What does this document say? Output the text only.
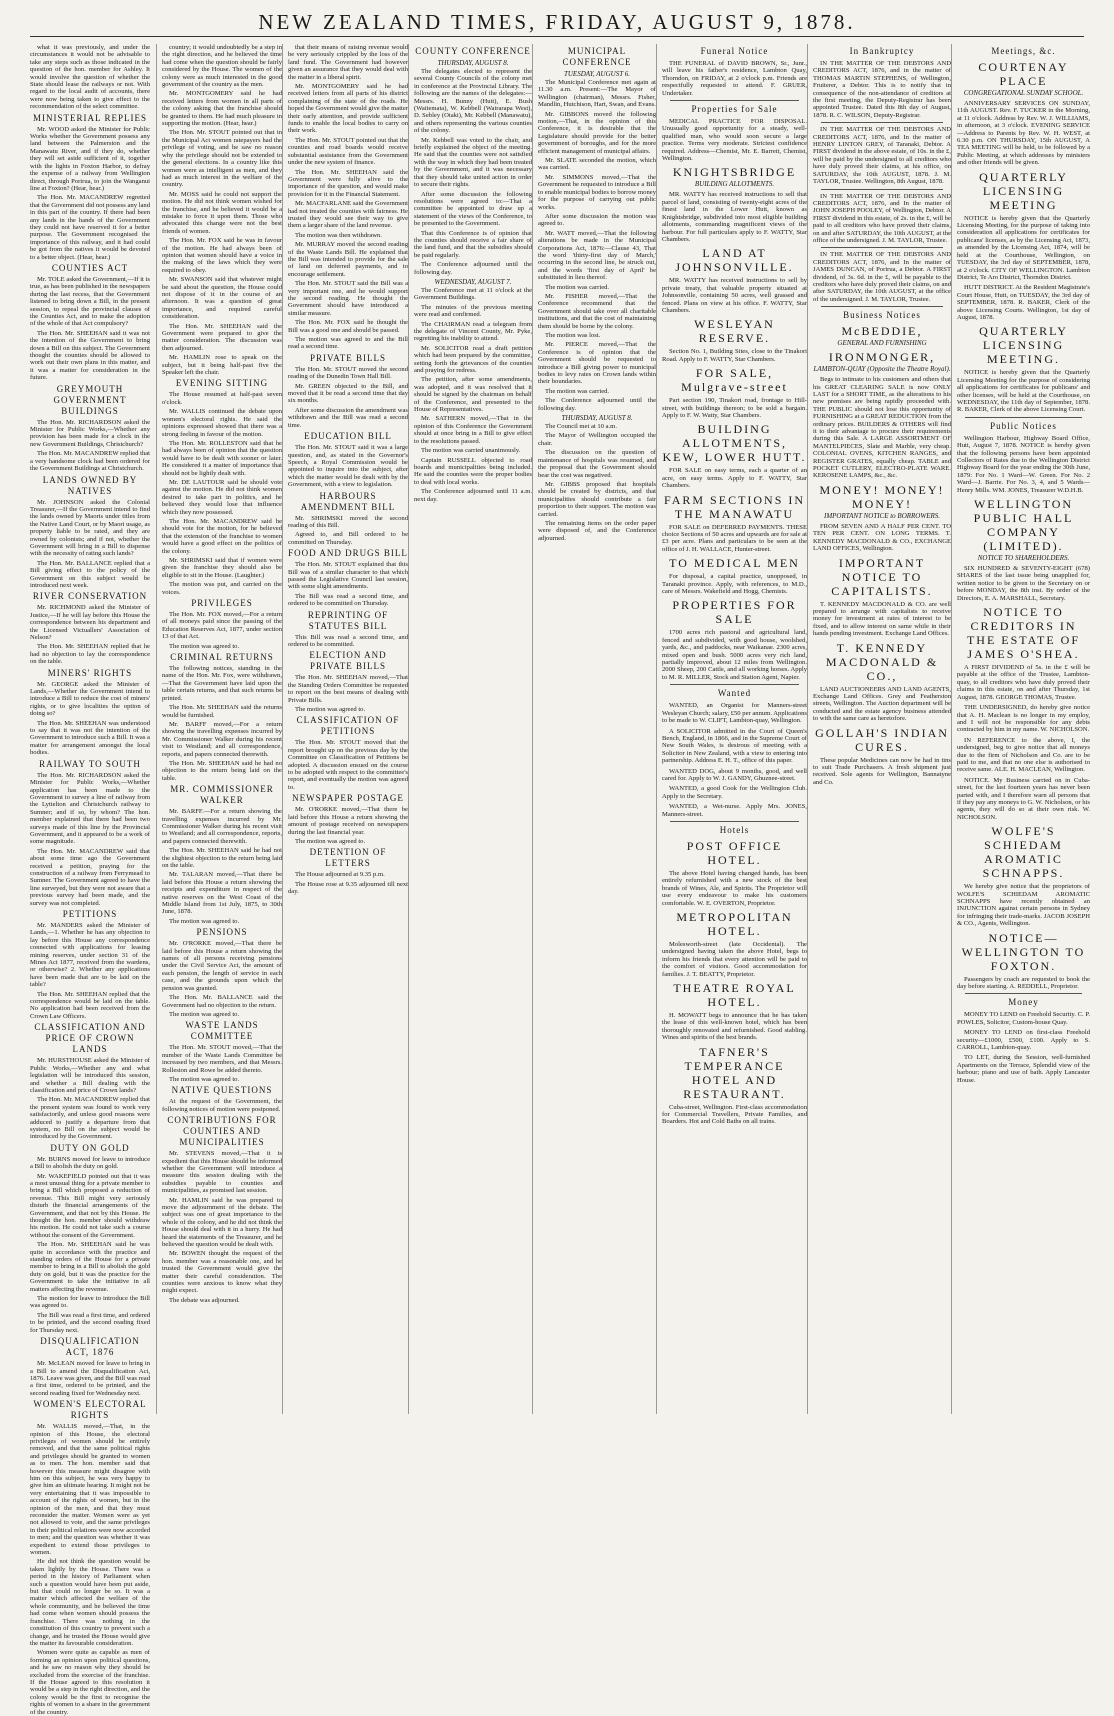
NEW ZEALAND TIMES, FRIDAY, AUGUST 9, 1878.

what it was previously, and under the circumstances it would not be advisable to take any steps such as those indicated in the question of the hon. member for Ashley. It would involve the question of whether the State should lease the railways or not. With regard to the local audit of accounts, there were now being taken to give effect to the recommendation of the select committee.

MINISTERIAL REPLIES

Mr. WOOD asked the Minister for Public Works whether the Government possess any land between the Palmerston and the Manawatu River, and if they do, whether they will set aside sufficient of it, together with the lights in Foxton Harbor, to defray the expense of a railway from Wellington direct, through Porirua, to join the Wanganui line at Foxton? (Hear, hear.)

The Hon. Mr. MACANDREW regretted that the Government did not possess any land in this part of the country. If there had been any lands in the hands of the Government they could not have reserved it for a better purpose. The Government recognised the importance of this railway, and it had could be got from the natives it would be devoted to a better object. (Hear, hear.)

COUNTIES ACT

Mr. TOLE asked the Government,—If it is true, as has been published in the newspapers during the last recess, that the Government listened to bring down a Bill, in the present session, to repeal the provincial clauses of the Counties Act, and to make the adoption of the whole of that Act compulsory?

The Hon. Mr. SHEEHAN said it was not the intention of the Government to bring down a Bill on this subject. The Government thought the counties should be allowed to work out their own plans in this matter, and it was a matter for consideration in the future.

GREYMOUTH GOVERNMENT BUILDINGS

The Hon. Mr. RICHARDSON asked the Minister for Public Works,—Whether any provision has been made for a clock in the new Government Buildings, Christchurch?

The Hon. Mr. MACANDREW replied that a very handsome clock had been ordered for the Government Buildings at Christchurch.

LANDS OWNED BY NATIVES

Mr. JOHNSON asked the Colonial Treasurer,—If the Government intend to find the lands owned by Maoris under titles from the Native Land Court, or by Maori usage, as property liable to be rated, and they are owned by colonists; and if not, whether the Government will bring in a Bill to dispense with the necessity of rating such lands?

The Hon. Mr. BALLANCE replied that a Bill giving effect to the policy of the Government on this subject would be introduced next week.

RIVER CONSERVATION

Mr. RICHMOND asked the Minister of Justice,—If he will lay before this House the correspondence between his department and the Licensed Victuallers' Association of Nelson?

The Hon. Mr. SHEEHAN replied that he had no objection to lay the correspondence on the table.

MINERS' RIGHTS

Mr. GEORGE asked the Minister of Lands,—Whether the Government intend to introduce a Bill to reduce the cost of miners' rights, or to give localities the option of doing so?

The Hon. Mr. SHEEHAN was understood to say that it was not the intention of the Government to introduce such a Bill. It was a matter for arrangement amongst the local bodies.

RAILWAY TO SOUTH

The Hon. Mr. RICHARDSON asked the Minister for Public Works,—Whether application has been made to the Government to survey a line of railway from the Lyttelton and Christchurch railway to Sumner; and if so, by whom? The hon. member explained that there had been two surveys made of this line by the Provincial Government, and it appeared to be a work of some magnitude.

The Hon. Mr. MACANDREW said that about some time ago the Government received a petition, praying for the construction of a railway from Ferrymead to Sumner. The Government agreed to have the line surveyed, but they were not aware that a previous survey had been made, and the survey was not completed.

PETITIONS

Mr. MANDERS asked the Minister of Lands,—1. Whether he has any objection to lay before this House any correspondence connected with applications for leasing mining reserves, under section 31 of the Mines Act 1877, received from the wardens, or otherwise? 2. Whether any applications have been made that are to be laid on the table?

The Hon. Mr. SHEEHAN replied that the correspondence would be laid on the table. No application had been received from the Crown Law Officers.

CLASSIFICATION AND PRICE OF CROWN LANDS

Mr. HURSTHOUSE asked the Minister of Public Works,—Whether any and what legislation will be introduced this session, and whether a Bill dealing with the classification and price of Crown lands?

The Hon. Mr. MACANDREW replied that the present system was found to work very satisfactorily, and unless good reasons were adduced to justify a departure from that system, no Bill on the subject would be introduced by the Government.

DUTY ON GOLD

Mr. BURNS moved for leave to introduce a Bill to abolish the duty on gold.

Mr. WAKEFIELD pointed out that it was a most unusual thing for a private member to bring a Bill which proposed a reduction of revenue. This Bill might very seriously disturb the financial arrangements of the Government, and that not by this House. He thought the hon. member should withdraw his motion. He could not take such a course without the consent of the Government.

The Hon. Mr. SHEEHAN said he was quite in accordance with the practice and standing orders of the House for a private member to bring in a Bill to abolish the gold duty on gold, but it was the practice for the Government to take the initiative in all matters affecting the revenue.

The motion for leave to introduce the Bill was agreed to.

The Bill was read a first time, and ordered to be printed, and the second reading fixed for Thursday next.

DISQUALIFICATION ACT, 1876

Mr. McLEAN moved for leave to bring in a Bill to amend the Disqualification Act, 1876. Leave was given, and the Bill was read a first time, ordered to be printed, and the second reading fixed for Wednesday next.

WOMEN'S ELECTORAL RIGHTS

Mr. WALLIS moved,—That, in the opinion of this House, the electoral privileges of women should be entirely removed, and that the same political rights and privileges should be granted to women as to men. The hon. member said that however this measure might disagree with him on this subject, he was very happy to give him an ultimate hearing. It might not be very entertaining that it was impossible to account of the rights of women, but in the opinion of the men, and that they must reconsider the matter. Women were as yet not allowed to vote, and the same privileges in their political relations were now accorded to men; and the question was whether it was expedient to extend those privileges to women.

He did not think the question would be taken lightly by the House. There was a period in the history of Parliament when such a question would have been put aside, but that could no longer be so. It was a matter which affected the welfare of the whole community, and he believed the time had come when women should possess the franchise. There was nothing in the constitution of this country to prevent such a change, and he trusted the House would give the matter its favourable consideration.

Women were quite as capable as men of forming an opinion upon political questions, and he saw no reason why they should be excluded from the exercise of the franchise. If the House agreed to this resolution it would be a step in the right direction, and the colony would be the first to recognise the rights of women to a share in the government of the country.

country; it would undoubtedly be a step in the right direction, and he believed the time had come when the question should be fairly considered by the House. The women of the colony were as much interested in the good government of the country as the men.

Mr. MONTGOMERY said he had received letters from women in all parts of the colony asking that the franchise should be granted to them. He had much pleasure in supporting the motion. (Hear, hear.)

The Hon. Mr. STOUT pointed out that in the Municipal Act women ratepayers had the privilege of voting, and he saw no reason why the privilege should not be extended to the general elections. In a country like this women were as intelligent as men, and they had as much interest in the welfare of the country.

Mr. MOSS said he could not support the motion. He did not think women wished for the franchise, and he believed it would be a mistake to force it upon them. Those who advocated this change were not the best friends of women.

The Hon. Mr. FOX said he was in favour of the motion. He had always been of opinion that women should have a voice in the making of the laws which they were required to obey.

Mr. SWANSON said that whatever might be said about the question, the House could not dispose of it in the course of an afternoon. It was a question of great importance, and required careful consideration.

The Hon. Mr. SHEEHAN said the Government were prepared to give the matter consideration. The discussion was then adjourned.

Mr. HAMLIN rose to speak on the subject, but it being half-past five the Speaker left the chair.

EVENING SITTING

The House resumed at half-past seven o'clock.

Mr. WALLIS continued the debate upon women's electoral rights. He said the opinions expressed showed that there was a strong feeling in favour of the motion.

The Hon. Mr. ROLLESTON said that he had always been of opinion that the question would have to be dealt with sooner or later. He considered it a matter of importance that should not be lightly dealt with.

Mr. DE LAUTOUR said he should vote against the motion. He did not think women desired to take part in politics, and he believed they would lose that influence which they now possessed.

The Hon. Mr. MACANDREW said he should vote for the motion, for he believed that the extension of the franchise to women would have a good effect on the politics of the colony.

Mr. SHRIMSKI said that if women were given the franchise they should also be eligible to sit in the House. (Laughter.)

The motion was put, and carried on the voices.

PRIVILEGES

The Hon. Mr. FOX moved,—For a return of all moneys paid since the passing of the Education Reserves Act, 1877, under section 13 of that Act.

The motion was agreed to.

CRIMINAL RETURNS

The following notices, standing in the name of the Hon. Mr. Fox, were withdrawn,—That the Government have laid upon the table certain returns, and that such returns be printed.

The Hon. Mr. SHEEHAN said the returns would be furnished.

Mr. BARFF moved,—For a return showing the travelling expenses incurred by Mr. Commissioner Walker during his recent visit to Westland; and all correspondence, reports, and papers connected therewith.

The Hon. Mr. SHEEHAN said he had no objection to the return being laid on the table.

MR. COMMISSIONER WALKER

Mr. BARFF.—For a return showing the travelling expenses incurred by Mr. Commissioner Walker during his recent visit to Westland; and all correspondence, reports, and papers connected therewith.

The Hon. Mr. SHEEHAN said he had not the slightest objection to the return being laid on the table.

Mr. TALARAN moved,—That there be laid before this House a return showing the receipts and expenditure in respect of the native reserves on the West Coast of the Middle Island from 1st July, 1875, to 30th June, 1878.

The motion was agreed to.

PENSIONS

Mr. O'RORKE moved,—That there be laid before this House a return showing the names of all persons receiving pensions under the Civil Service Act, the amount of each pension, the length of service in each case, and the grounds upon which the pension was granted.

The Hon. Mr. BALLANCE said the Government had no objection to the return.

The motion was agreed to.

WASTE LANDS COMMITTEE

The Hon. Mr. STOUT moved,—That the number of the Waste Lands Committee be increased by two members, and that Messrs. Rolleston and Rowe be added thereto.

The motion was agreed to.

NATIVE QUESTIONS

At the request of the Government, the following notices of motion were postponed.

CONTRIBUTIONS FOR COUNTIES AND MUNICIPALITIES

Mr. STEVENS moved,—That it is expedient that this House should be informed whether the Government will introduce a measure this session dealing with the subsidies payable to counties and municipalities, as promised last session.

Mr. HAMLIN said he was prepared to move the adjournment of the debate. The subject was one of great importance to the whole of the colony, and he did not think the House should deal with it in a hurry. He had heard the statements of the Treasurer, and he believed the question would be dealt with.

Mr. BOWEN thought the request of the hon. member was a reasonable one, and he trusted the Government would give the matter their careful consideration. The counties were anxious to know what they might expect.

The debate was adjourned.

that their means of raising revenue would be very seriously crippled by the loss of the land fund. The Government had however given an assurance that they would deal with the matter in a liberal spirit.

Mr. MONTGOMERY said he had received letters from all parts of his district complaining of the state of the roads. He hoped the Government would give the matter their early attention, and provide sufficient funds to enable the local bodies to carry on their work.

The Hon. Mr. STOUT pointed out that the counties and road boards would receive substantial assistance from the Government under the new system of finance.

The Hon. Mr. SHEEHAN said the Government were fully alive to the importance of the question, and would make provision for it in the Financial Statement.

Mr. MACFARLANE said the Government had not treated the counties with fairness. He trusted they would see their way to give them a larger share of the land revenue.

The motion was then withdrawn.

Mr. MURRAY moved the second reading of the Waste Lands Bill. He explained that the Bill was intended to provide for the sale of land on deferred payments, and to encourage settlement.

The Hon. Mr. STOUT said the Bill was a very important one, and he would support the second reading. He thought the Government should have introduced a similar measure.

The Hon. Mr. FOX said he thought the Bill was a good one and should be passed.

The motion was agreed to and the Bill read a second time.

PRIVATE BILLS

The Hon. Mr. STOUT moved the second reading of the Dunedin Town Hall Bill.

Mr. GREEN objected to the Bill, and moved that it be read a second time that day six months.

After some discussion the amendment was withdrawn and the Bill was read a second time.

EDUCATION BILL

The Hon. Mr. STOUT said it was a large question, and, as stated in the Governor's Speech, a Royal Commission would be appointed to inquire into the subject, after which the matter would be dealt with by the Government, with a view to legislation.

HARBOURS AMENDMENT BILL

Mr. SHRIMSKI moved the second reading of this Bill.

Agreed to, and Bill ordered to be committed on Thursday.

FOOD AND DRUGS BILL

The Hon. Mr. STOUT explained that this Bill was of a similar character to that which passed the Legislative Council last session, with some slight amendments.

The Bill was read a second time, and ordered to be committed on Thursday.

REPRINTING OF STATUTES BILL

This Bill was read a second time, and ordered to be committed.

ELECTION AND PRIVATE BILLS

The Hon. Mr. SHEEHAN moved,—That the Standing Orders Committee be requested to report on the best means of dealing with Private Bills.

The motion was agreed to.

CLASSIFICATION OF PETITIONS

The Hon. Mr. STOUT moved that the report brought up on the previous day by the Committee on Classification of Petitions be adopted. A discussion ensued on the course to be adopted with respect to the committee's report, and eventually the motion was agreed to.

NEWSPAPER POSTAGE

Mr. O'RORKE moved,—That there be laid before this House a return showing the amount of postage received on newspapers during the last financial year.

The motion was agreed to.

DETENTION OF LETTERS

The House adjourned at 9.35 p.m.

The House rose at 9.35 adjourned till next day.

COUNTY CONFERENCE
THURSDAY, AUGUST 8.

The delegates elected to represent the several County Councils of the colony met in conference at the Provincial Library. The following are the names of the delegates:—Messrs. H. Bunny (Hutt), E. Bush (Waitemata), W. Kebbell (Wairarapa West), D. Sebley (Otaki), Mr. Kebbell (Manawatu), and others representing the various counties of the colony.

Mr. Kebbell was voted to the chair, and briefly explained the object of the meeting. He said that the counties were not satisfied with the way in which they had been treated by the Government, and it was necessary that they should take united action in order to secure their rights.

After some discussion the following resolutions were agreed to:—That a committee be appointed to draw up a statement of the views of the Conference, to be presented to the Government.

That this Conference is of opinion that the counties should receive a fair share of the land fund, and that the subsidies should be paid regularly.

The Conference adjourned until the following day.

WEDNESDAY, AUGUST 7.

The Conference met at 11 o'clock at the Government Buildings.

The minutes of the previous meeting were read and confirmed.

The CHAIRMAN read a telegram from the delegate of Vincent County, Mr. Pyke, regretting his inability to attend.

Mr. SOLICITOR read a draft petition which had been prepared by the committee, setting forth the grievances of the counties and praying for redress.

The petition, after some amendments, was adopted, and it was resolved that it should be signed by the chairman on behalf of the Conference, and presented to the House of Representatives.

Mr. SATHERN moved,—That in the opinion of this Conference the Government should at once bring in a Bill to give effect to the resolutions passed.

The motion was carried unanimously.

Captain RUSSELL objected to road boards and municipalities being included. He said the counties were the proper bodies to deal with local works.

The Conference adjourned until 11 a.m. next day.

MUNICIPAL CONFERENCE
TUESDAY, AUGUST 6.

The Municipal Conference met again at 11.30 a.m. Present:—The Mayor of Wellington (chairman), Messrs. Fisher, Mandlin, Hutchison, Hart, Swan, and Evans.

Mr. GIBBONS moved the following motion,—That, in the opinion of this Conference, it is desirable that the Legislature should provide for the better government of boroughs, and for the more efficient management of municipal affairs.

Mr. SLATE seconded the motion, which was carried.

Mr. SIMMONS moved,—That the Government be requested to introduce a Bill to enable municipal bodies to borrow money for the purpose of carrying out public works.

After some discussion the motion was agreed to.

Mr. WATT moved,—That the following alterations be made in the Municipal Corporations Act, 1876:—Clause 43, That the word 'thirty-first day of March,' occurring in the second line, be struck out, and the words 'first day of April' be substituted in lieu thereof.

The motion was carried.

Mr. FISHER moved,—That the Conference recommend that the Government should take over all charitable institutions, and that the cost of maintaining them should be borne by the colony.

The motion was lost.

Mr. PIERCE moved,—That the Conference is of opinion that the Government should be requested to introduce a Bill giving power to municipal bodies to levy rates on Crown lands within their boundaries.

The motion was carried.

The Conference adjourned until the following day.

THURSDAY, AUGUST 8.

The Council met at 10 a.m.

The Mayor of Wellington occupied the chair.

The discussion on the question of maintenance of hospitals was resumed, and the proposal that the Government should bear the cost was negatived.

Mr. GIBBS proposed that hospitals should be created by districts, and that municipalities should contribute a fair proportion to their support. The motion was carried.

The remaining items on the order paper were disposed of, and the Conference adjourned.

Funeral Notice

THE FUNERAL of DAVID BROWN, Sr., Junr., will leave his father's residence, Lambton Quay, Thorndon, on FRIDAY, at 2 o'clock p.m. Friends are respectfully requested to attend. F. GRUER, Undertaker.

Properties for Sale

MEDICAL PRACTICE FOR DISPOSAL. Unusually good opportunity for a steady, well-qualified man, who would soon secure a large practice. Terms very moderate. Strictest confidence required. Address—Chemist, Mr. E. Barrett, Chemist, Wellington.

KNIGHTSBRIDGE
BUILDING ALLOTMENTS.

MR. WATTY has received instructions to sell that parcel of land, consisting of twenty-eight acres of the finest land in the Lower Hutt, known as Knightsbridge, subdivided into most eligible building allotments, commanding magnificent views of the harbour. For full particulars apply to F. WATTY, Star Chambers.

LAND AT JOHNSONVILLE.

MR. WATTY has received instructions to sell by private treaty, that valuable property situated at Johnsonville, containing 50 acres, well grassed and fenced. Plans on view at his office. F. WATTY, Star Chambers.

WESLEYAN RESERVE.

Section No. 1, Building Sites, close to the Tinakori Road. Apply to F. WATTY, Star Chambers.

FOR SALE, Mulgrave-street

Part section 190, Tinakori road, frontage to Hill-street, with buildings thereon; to be sold a bargain. Apply to F. W. Watty, Star Chambers.

BUILDING ALLOTMENTS, KEW, LOWER HUTT.

FOR SALE on easy terms, each a quarter of an acre, on easy terms. Apply to F. WATTY, Star Chambers.

FARM SECTIONS IN THE MANAWATU

FOR SALE on DEFERRED PAYMENTS. THESE choice Sections of 50 acres and upwards are for sale at £3 per acre. Plans and particulars to be seen at the office of J. H. WALLACE, Hunter-street.

TO MEDICAL MEN

For disposal, a capital practice, unopposed, in Taranaki province. Apply, with references, to M.D., care of Messrs. Wakefield and Hogg, Chemists.

PROPERTIES FOR SALE

1700 acres rich pastoral and agricultural land, fenced and subdivided, with good house, woolshed, yards, &c., and paddocks, near Waikanae. 2300 acres, mixed open and bush. 5000 acres very rich land, partially improved, about 12 miles from Wellington. 2000 Sheep, 200 Cattle, and all working horses. Apply to M. R. MILLER, Stock and Station Agent, Napier.

Wanted

WANTED, an Organist for Manners-street Wesleyan Church; salary, £50 per annum. Applications to be made to W. CLIFT, Lambton-quay, Wellington.

A SOLICITOR admitted in the Court of Queen's Bench, England, in 1866, and in the Supreme Court of New South Wales, is desirous of meeting with a Solicitor in New Zealand, with a view to entering into partnership. Address E. H. T., office of this paper.

WANTED DOG, about 9 months, good, and well cared for. Apply to W. J. GANDY, Ghuznee-street.

WANTED, a good Cook for the Wellington Club. Apply to the Secretary.

WANTED, a Wet-nurse. Apply Mrs. JONES, Manners-street.

Hotels
POST OFFICE HOTEL.

The above Hotel having changed hands, has been entirely refurnished with a new stock of the best brands of Wines, Ale, and Spirits. The Proprietor will use every endeavour to make his customers comfortable. W. E. OVERTON, Proprietor.

METROPOLITAN HOTEL.

Molesworth-street (late Occidental). The undersigned having taken the above Hotel, begs to inform his friends that every attention will be paid to the comfort of visitors. Good accommodation for families. J. T. BEATTY, Proprietor.

THEATRE ROYAL HOTEL.

H. MOWATT begs to announce that he has taken the lease of this well-known hotel, which has been thoroughly renovated and refurnished. Good stabling. Wines and spirits of the best brands.

TAFNER'S TEMPERANCE HOTEL AND RESTAURANT.

Cuba-street, Wellington. First-class accommodation for Commercial Travellers, Private Families, and Boarders. Hot and Cold Baths on all trains.

In Bankruptcy

IN THE MATTER OF THE DEBTORS AND CREDITORS ACT, 1876, and in the matter of THOMAS MARTIN STEPHENS, of Wellington, Fruiterer, a Debtor. This is to notify that in consequence of the non-attendance of creditors at the first meeting, the Deputy-Registrar has been appointed Trustee. Dated this 8th day of August, 1878. R. C. WILSON, Deputy-Registrar.

IN THE MATTER OF THE DEBTORS AND CREDITORS ACT, 1876, and In the matter of HENRY LINTON GREY, of Taranaki, Debtor. A FIRST dividend in the above estate, of 10s. in the £, will be paid by the undersigned to all creditors who have duly proved their claims, at his office, on SATURDAY, the 10th AUGUST, 1878. J. M. TAYLOR, Trustee. Wellington, 8th August, 1878.

IN THE MATTER OF THE DEBTORS AND CREDITORS ACT, 1876, and In the matter of JOHN JOSEPH POOLEY, of Wellington, Debtor. A FIRST dividend in this estate, of 2s. in the £, will be paid to all creditors who have proved their claims, on and after SATURDAY, the 10th AUGUST, at the office of the undersigned. J. M. TAYLOR, Trustee.

IN THE MATTER OF THE DEBTORS AND CREDITORS ACT, 1876, and In the matter of JAMES DUNCAN, of Porirua, a Debtor. A FIRST dividend, of 3s. 6d. in the £, will be payable to the creditors who have duly proved their claims, on and after SATURDAY, the 10th AUGUST, at the office of the undersigned. J. M. TAYLOR, Trustee.

Business Notices
McBEDDIE,
GENERAL AND FURNISHING
IRONMONGER,
LAMBTON-QUAY (Opposite the Theatre Royal).

Begs to intimate to his customers and others that his GREAT CLEARING SALE is now ONLY LAST for a SHORT TIME, as the alterations to his new premises are being rapidly proceeded with. THE PUBLIC should not lose this opportunity of FURNISHING at a GREAT REDUCTION from the ordinary prices. BUILDERS & OTHERS will find it to their advantage to procure their requirements during this Sale. A LARGE ASSORTMENT OF MANTELPIECES, Slate and Marble, very cheap. COLONIAL OVENS, KITCHEN RANGES, and REGISTER GRATES, equally cheap. TABLE and POCKET CUTLERY, ELECTRO-PLATE WARE. KEROSENE LAMPS, &c., &c.

MONEY! MONEY! MONEY!
IMPORTANT NOTICE to BORROWERS.

FROM SEVEN AND A HALF PER CENT. TO TEN PER CENT. ON LONG TERMS. T. KENNEDY MACDONALD & CO., EXCHANGE LAND OFFICES, Wellington.

IMPORTANT NOTICE TO CAPITALISTS.

T. KENNEDY MACDONALD & CO. are well prepared to arrange with capitalists to receive money for investment at rates of interest to be fixed, and to allow interest on same while in their hands pending investment. Exchange Land Offices.

T. KENNEDY MACDONALD & CO.,

LAND AUCTIONEERS AND LAND AGENTS, Exchange Land Offices. Grey and Featherston streets, Wellington. The Auction department will be conducted and the estate agency business attended to with the same care as heretofore.

GOLLAH'S INDIAN CURES.

These popular Medicines can now be had in tins to suit Trade Purchasers. A fresh shipment just received. Sole agents for Wellington, Bannatyne and Co.

Meetings, &c.
COURTENAY PLACE
CONGREGATIONAL SUNDAY SCHOOL.

ANNIVERSARY SERVICES ON SUNDAY, 11th AUGUST. Rev. F. TUCKER in the Morning, at 11 o'clock. Address by Rev. W. J. WILLIAMS, in afternoon, at 3 o'clock. EVENING SERVICE—Address to Parents by Rev. W. H. WEST, at 6.30 p.m. ON THURSDAY, 15th AUGUST, A TEA MEETING will be held, to be followed by a Public Meeting, at which addresses by ministers and other friends will be given.

QUARTERLY LICENSING MEETING

NOTICE is hereby given that the Quarterly Licensing Meeting, for the purpose of taking into consideration all applications for certificates for publicans' licenses, as by the Licensing Act, 1873, as amended by the Licensing Act, 1874, will be held at the Courthouse, Wellington, on TUESDAY, the 3rd day of SEPTEMBER, 1878, at 2 o'clock. CITY OF WELLINGTON. Lambton District, Te Aro District, Thorndon District.

HUTT DISTRICT. At the Resident Magistrate's Court House, Hutt, on TUESDAY, the 3rd day of SEPTEMBER, 1878. R. BAKER, Clerk of the above Licensing Courts. Wellington, 1st day of August, 1878.

QUARTERLY LICENSING MEETING.

NOTICE is hereby given that the Quarterly Licensing Meeting for the purpose of considering all applications for certificates for publicans' and other licenses, will be held at the Courthouse, on WEDNESDAY, the 11th day of September, 1878. R. BAKER, Clerk of the above Licensing Court.

Public Notices

Wellington Harbour, Highway Board Office, Hutt, August 7, 1878. NOTICE is hereby given that the following persons have been appointed Collectors of Rates due to the Wellington District Highway Board for the year ending the 30th June, 1879: For No. 1 Ward—W. Green. For No. 2 Ward—J. Barrie. For No. 3, 4, and 5 Wards—Henry Mills. WM. JONES, Treasurer W.D.H.B.

WELLINGTON PUBLIC HALL COMPANY (LIMITED).
NOTICE TO SHAREHOLDERS.

SIX HUNDRED & SEVENTY-EIGHT (678) SHARES of the last issue being unapplied for, written notice to be given to the Secretary on or before MONDAY, the 8th inst. By order of the Directors, E. A. MARSHALL, Secretary.

NOTICE TO CREDITORS IN THE ESTATE OF JAMES O'SHEA.

A FIRST DIVIDEND of 5s. in the £ will be payable at the office of the Trustee, Lambton-quay, to all creditors who have duly proved their claims in this estate, on and after Thursday, 1st August, 1878. GEORGE THOMAS, Trustee.

THE UNDERSIGNED, do hereby give notice that A. H. Maclean is no longer in my employ, and I will not be responsible for any debts contracted by him in my name. W. NICHOLSON.

IN REFERENCE to the above, I, the undersigned, beg to give notice that all moneys due to the firm of Nicholson and Co. are to be paid to me, and that no one else is authorised to receive same. ALE. H. MACLEAN, Wellington.

NOTICE. My Business carried on in Cuba-street, for the last fourteen years has never been parted with, and I therefore warn all persons that if they pay any moneys to G. W. Nicholson, or his agents, they will do so at their own risk. W. NICHOLSON.

WOLFE'S SCHIEDAM AROMATIC SCHNAPPS.

We hereby give notice that the proprietors of WOLFE'S SCHIEDAM AROMATIC SCHNAPPS have recently obtained an INJUNCTION against certain persons in Sydney for infringing their trade-marks. JACOB JOSEPH & CO., Agents, Wellington.

NOTICE—WELLINGTON TO FOXTON.

Passengers by coach are requested to book the day before starting. A. REDDELL, Proprietor.

Money

MONEY TO LEND on Freehold Security. C. P. POWLES, Solicitor, Custom-house Quay.

MONEY TO LEND on first-class Freehold security—£1000, £500, £100. Apply to S. CARROLL, Lambton-quay.

TO LET, during the Session, well-furnished Apartments on the Terrace, Splendid view of the harbour; piano and use of bath. Apply Lancaster House.
